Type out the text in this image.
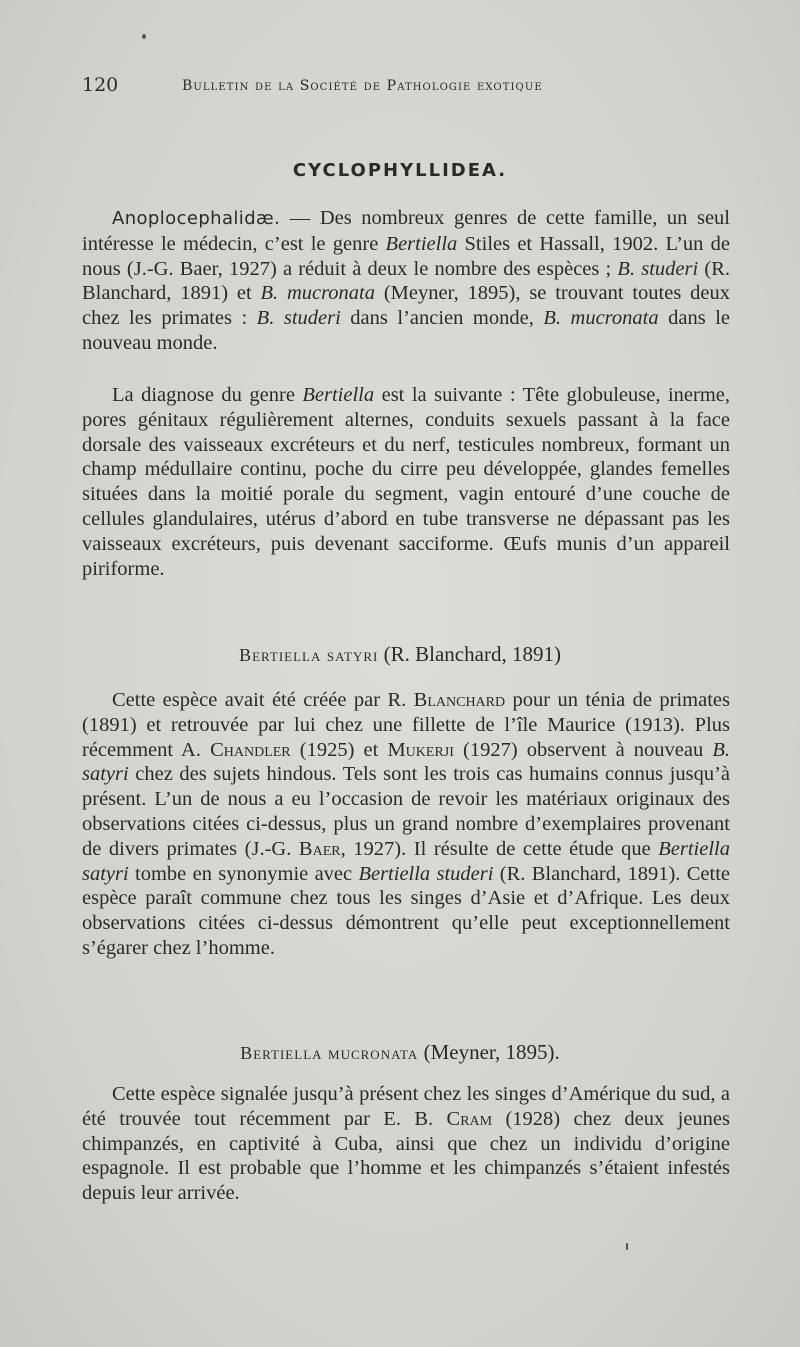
120	Bulletin de la Société de Pathologie exotique
CYCLOPHYLLIDEA.

Anoplocephalidæ. — Des nombreux genres de cette famille, un seul intéresse le médecin, c’est le genre Bertiella Stiles et Hassall, 1902. L’un de nous (J.-G. Baer, 1927) a réduit à deux le nombre des espèces ; B. studeri (R. Blanchard, 1891) et B. mucronata (Meyner, 1895), se trouvant toutes deux chez les primates : B. studeri dans l’ancien monde, B. mucronata dans le nouveau monde.

La diagnose du genre Bertiella est la suivante : Tête globuleuse, inerme, pores génitaux régulièrement alternes, conduits sexuels passant à la face dorsale des vaisseaux excréteurs et du nerf, testicules nombreux, formant un champ médullaire continu, poche du cirre peu développée, glandes femelles situées dans la moitié porale du segment, vagin entouré d’une couche de cellules glandulaires, utérus d’abord en tube transverse ne dépassant pas les vaisseaux excréteurs, puis devenant sacciforme. Œufs munis d’un appareil piriforme.

Bertiella satyri (R. Blanchard, 1891)

Cette espèce avait été créée par R. Blanchard pour un ténia de primates (1891) et retrouvée par lui chez une fillette de l’île Maurice (1913). Plus récemment A. Chandler (1925) et Mukerji (1927) observent à nouveau B. satyri chez des sujets hindous. Tels sont les trois cas humains connus jusqu’à présent. L’un de nous a eu l’occasion de revoir les matériaux originaux des observations citées ci-dessus, plus un grand nombre d’exemplaires provenant de divers primates (J.-G. Baer, 1927). Il résulte de cette étude que Bertiella satyri tombe en synonymie avec Bertiella studeri (R. Blanchard, 1891). Cette espèce paraît commune chez tous les singes d’Asie et d’Afrique. Les deux observations citées ci-dessus démontrent qu’elle peut exceptionnellement s’égarer chez l’homme.

Bertiella mucronata (Meyner, 1895).

Cette espèce signalée jusqu’à présent chez les singes d’Amérique du sud, a été trouvée tout récemment par E. B. Cram (1928) chez deux jeunes chimpanzés, en captivité à Cuba, ainsi que chez un individu d’origine espagnole. Il est probable que l’homme et les chimpanzés s’étaient infestés depuis leur arrivée.
